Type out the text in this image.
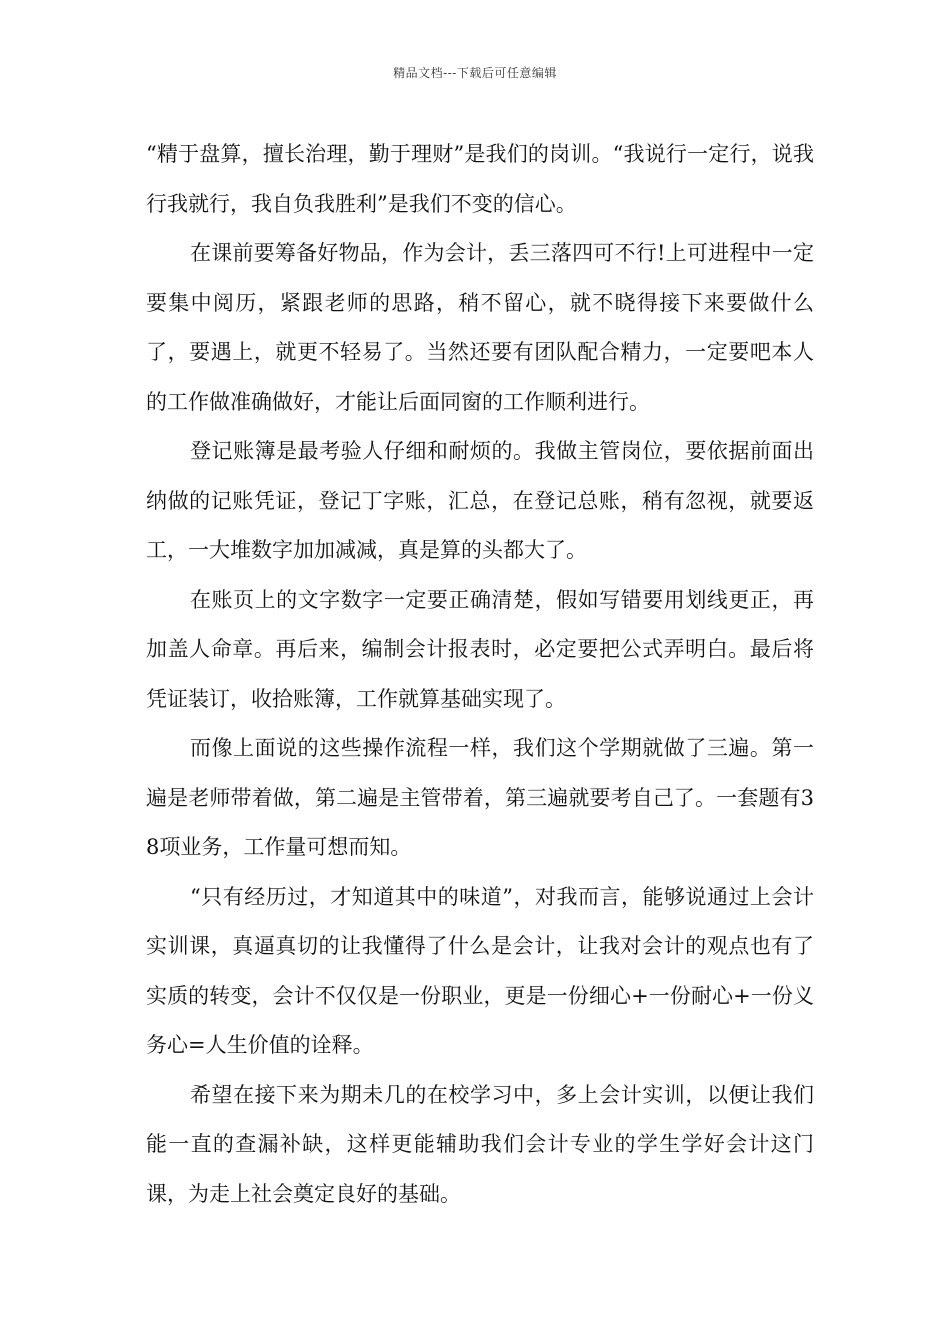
精品文档---下载后可任意编辑

“精于盘算，擅长治理，勤于理财”是我们的岗训。“我说行一定行，说我行我就行，我自负我胜利”是我们不变的信心。

在课前要筹备好物品，作为会计，丢三落四可不行!上可进程中一定要集中阅历，紧跟老师的思路，稍不留心，就不晓得接下来要做什么了，要遇上，就更不轻易了。当然还要有团队配合精力，一定要吧本人的工作做准确做好，才能让后面同窗的工作顺利进行。

登记账簿是最考验人仔细和耐烦的。我做主管岗位，要依据前面出纳做的记账凭证，登记丁字账，汇总，在登记总账，稍有忽视，就要返工，一大堆数字加加减减，真是算的头都大了。

在账页上的文字数字一定要正确清楚，假如写错要用划线更正，再加盖人命章。再后来，编制会计报表时，必定要把公式弄明白。最后将凭证装订，收拾账簿，工作就算基础实现了。

而像上面说的这些操作流程一样，我们这个学期就做了三遍。第一遍是老师带着做，第二遍是主管带着，第三遍就要考自己了。一套题有38项业务，工作量可想而知。

“只有经历过，才知道其中的味道”，对我而言，能够说通过上会计实训课，真逼真切的让我懂得了什么是会计，让我对会计的观点也有了实质的转变，会计不仅仅是一份职业，更是一份细心+一份耐心+一份义务心=人生价值的诠释。

希望在接下来为期未几的在校学习中，多上会计实训，以便让我们能一直的查漏补缺，这样更能辅助我们会计专业的学生学好会计这门课，为走上社会奠定良好的基础。
